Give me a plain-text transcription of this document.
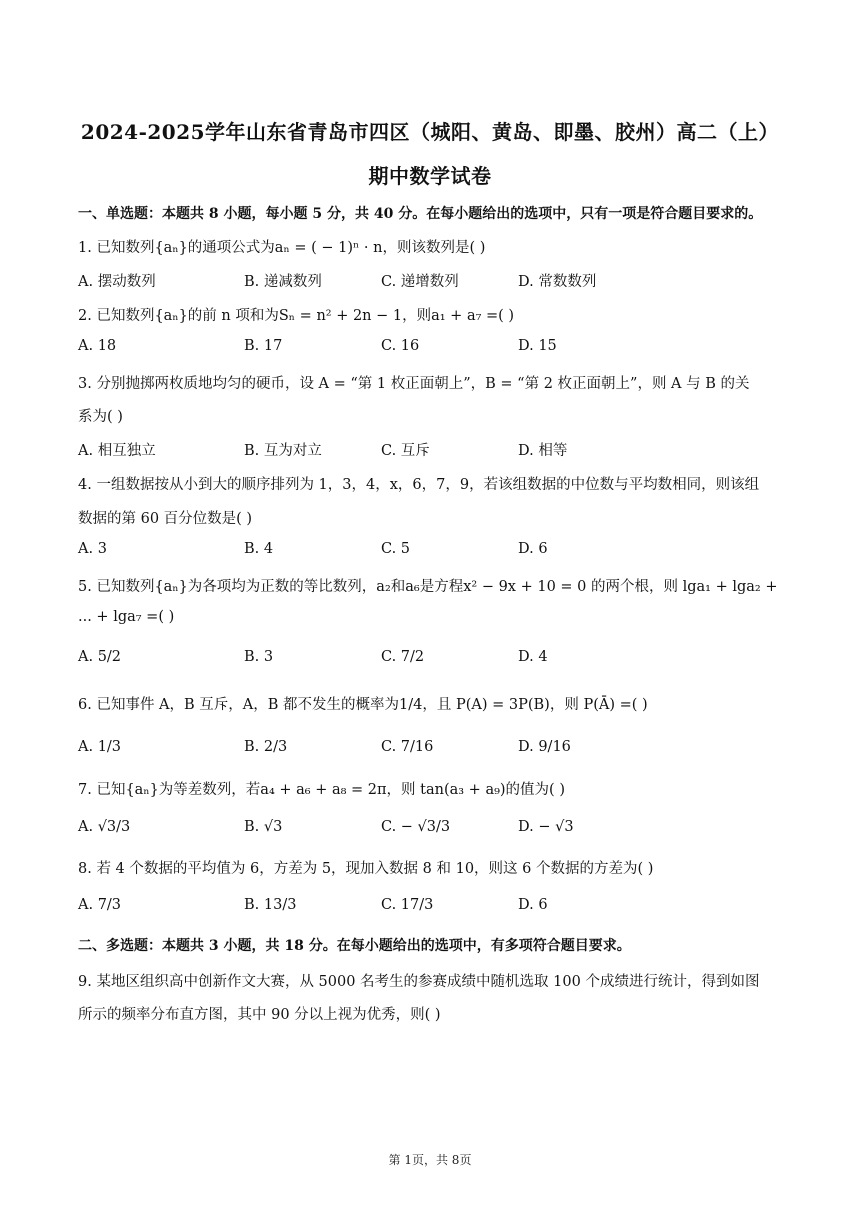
2024-2025学年山东省青岛市四区（城阳、黄岛、即墨、胶州）高二（上）
期中数学试卷
一、单选题：本题共 8 小题，每小题 5 分，共 40 分。在每小题给出的选项中，只有一项是符合题目要求的。
1. 已知数列{aₙ}的通项公式为aₙ = ( − 1)ⁿ · n，则该数列是( )
A. 摆动数列	B. 递减数列	C. 递增数列	D. 常数数列
2. 已知数列{aₙ}的前 n 项和为Sₙ = n² + 2n − 1，则a₁ + a₇ =( )
A. 18	B. 17	C. 16	D. 15
3. 分别抛掷两枚质地均匀的硬币，设 A = “第 1 枚正面朝上”，B = “第 2 枚正面朝上”，则 A 与 B 的关
系为( )
A. 相互独立	B. 互为对立	C. 互斥	D. 相等
4. 一组数据按从小到大的顺序排列为 1，3，4，x，6，7，9，若该组数据的中位数与平均数相同，则该组
数据的第 60 百分位数是( )
A. 3	B. 4	C. 5	D. 6
5. 已知数列{aₙ}为各项均为正数的等比数列，a₂和a₆是方程x² − 9x + 10 = 0 的两个根，则 lga₁ + lga₂ +
... + lga₇ =( )
A. 5/2	B. 3	C. 7/2	D. 4
6. 已知事件 A，B 互斥，A，B 都不发生的概率为1/4，且 P(A) = 3P(B)，则 P(Ā) =( )
A. 1/3	B. 2/3	C. 7/16	D. 9/16
7. 已知{aₙ}为等差数列，若a₄ + a₆ + a₈ = 2π，则 tan(a₃ + a₉)的值为( )
A. √3/3	B. √3	C. − √3/3	D. − √3
8. 若 4 个数据的平均值为 6，方差为 5，现加入数据 8 和 10，则这 6 个数据的方差为( )
A. 7/3	B. 13/3	C. 17/3	D. 6
二、多选题：本题共 3 小题，共 18 分。在每小题给出的选项中，有多项符合题目要求。
9. 某地区组织高中创新作文大赛，从 5000 名考生的参赛成绩中随机选取 100 个成绩进行统计，得到如图
所示的频率分布直方图，其中 90 分以上视为优秀，则( )
第 1页，共 8页
